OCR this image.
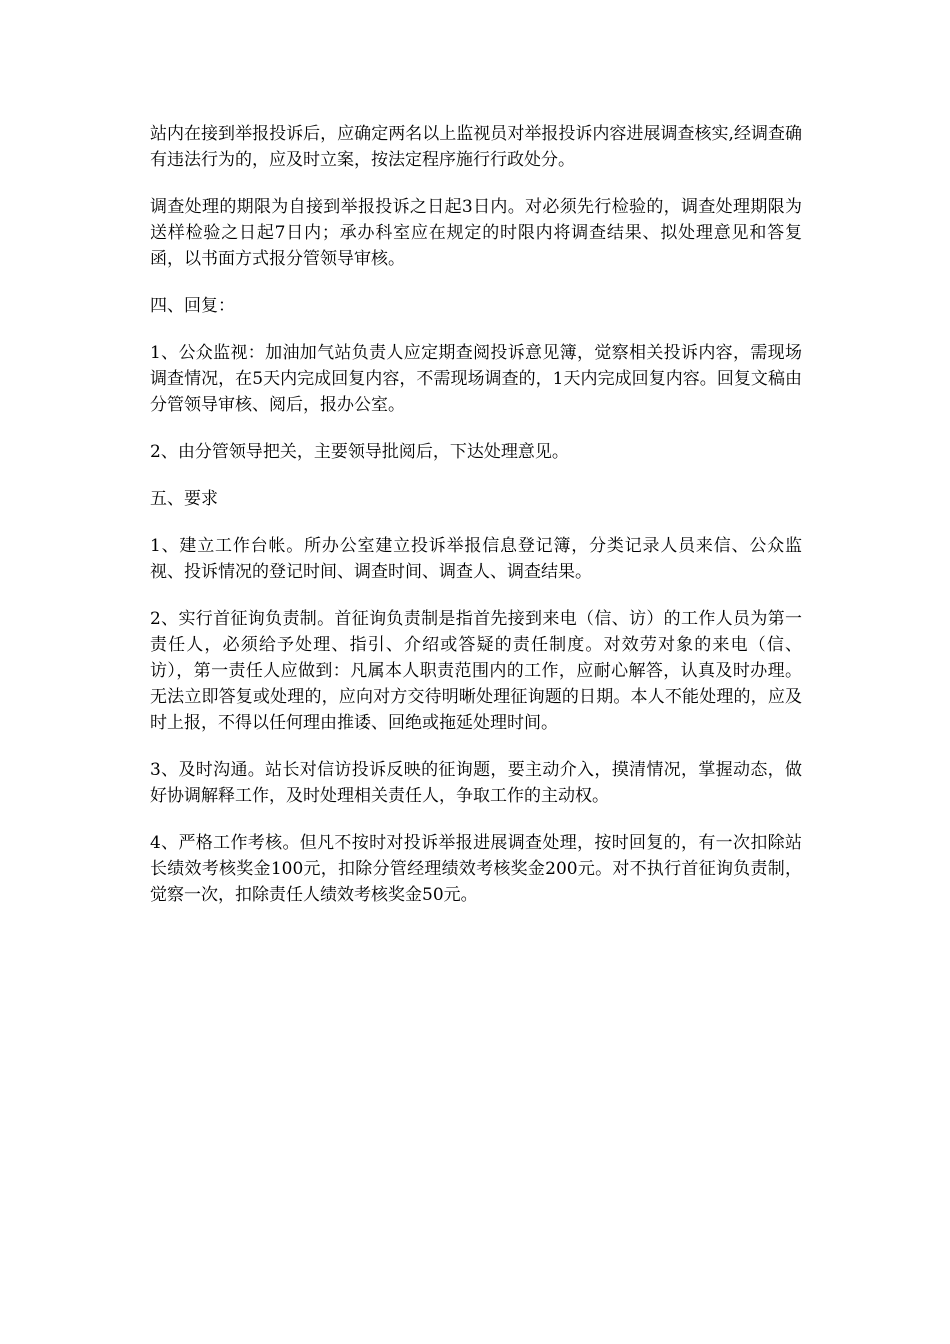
站内在接到举报投诉后，应确定两名以上监视员对举报投诉内容进展调查核实,经调查确有违法行为的，应及时立案，按法定程序施行行政处分。

调查处理的期限为自接到举报投诉之日起3日内。对必须先行检验的，调查处理期限为送样检验之日起7日内；承办科室应在规定的时限内将调查结果、拟处理意见和答复函，以书面方式报分管领导审核。

四、回复：

1、公众监视：加油加气站负责人应定期查阅投诉意见簿，觉察相关投诉内容，需现场调查情况，在5天内完成回复内容，不需现场调查的，1天内完成回复内容。回复文稿由分管领导审核、阅后，报办公室。

2、由分管领导把关，主要领导批阅后，下达处理意见。

五、要求

1、建立工作台帐。所办公室建立投诉举报信息登记簿，分类记录人员来信、公众监视、投诉情况的登记时间、调查时间、调查人、调查结果。

2、实行首征询负责制。首征询负责制是指首先接到来电（信、访）的工作人员为第一责任人，必须给予处理、指引、介绍或答疑的责任制度。对效劳对象的来电（信、访），第一责任人应做到：凡属本人职责范围内的工作，应耐心解答，认真及时办理。无法立即答复或处理的，应向对方交待明晰处理征询题的日期。本人不能处理的，应及时上报，不得以任何理由推诿、回绝或拖延处理时间。

3、及时沟通。站长对信访投诉反映的征询题，要主动介入，摸清情况，掌握动态，做好协调解释工作，及时处理相关责任人，争取工作的主动权。

4、严格工作考核。但凡不按时对投诉举报进展调查处理，按时回复的，有一次扣除站长绩效考核奖金100元，扣除分管经理绩效考核奖金200元。对不执行首征询负责制，觉察一次，扣除责任人绩效考核奖金50元。
